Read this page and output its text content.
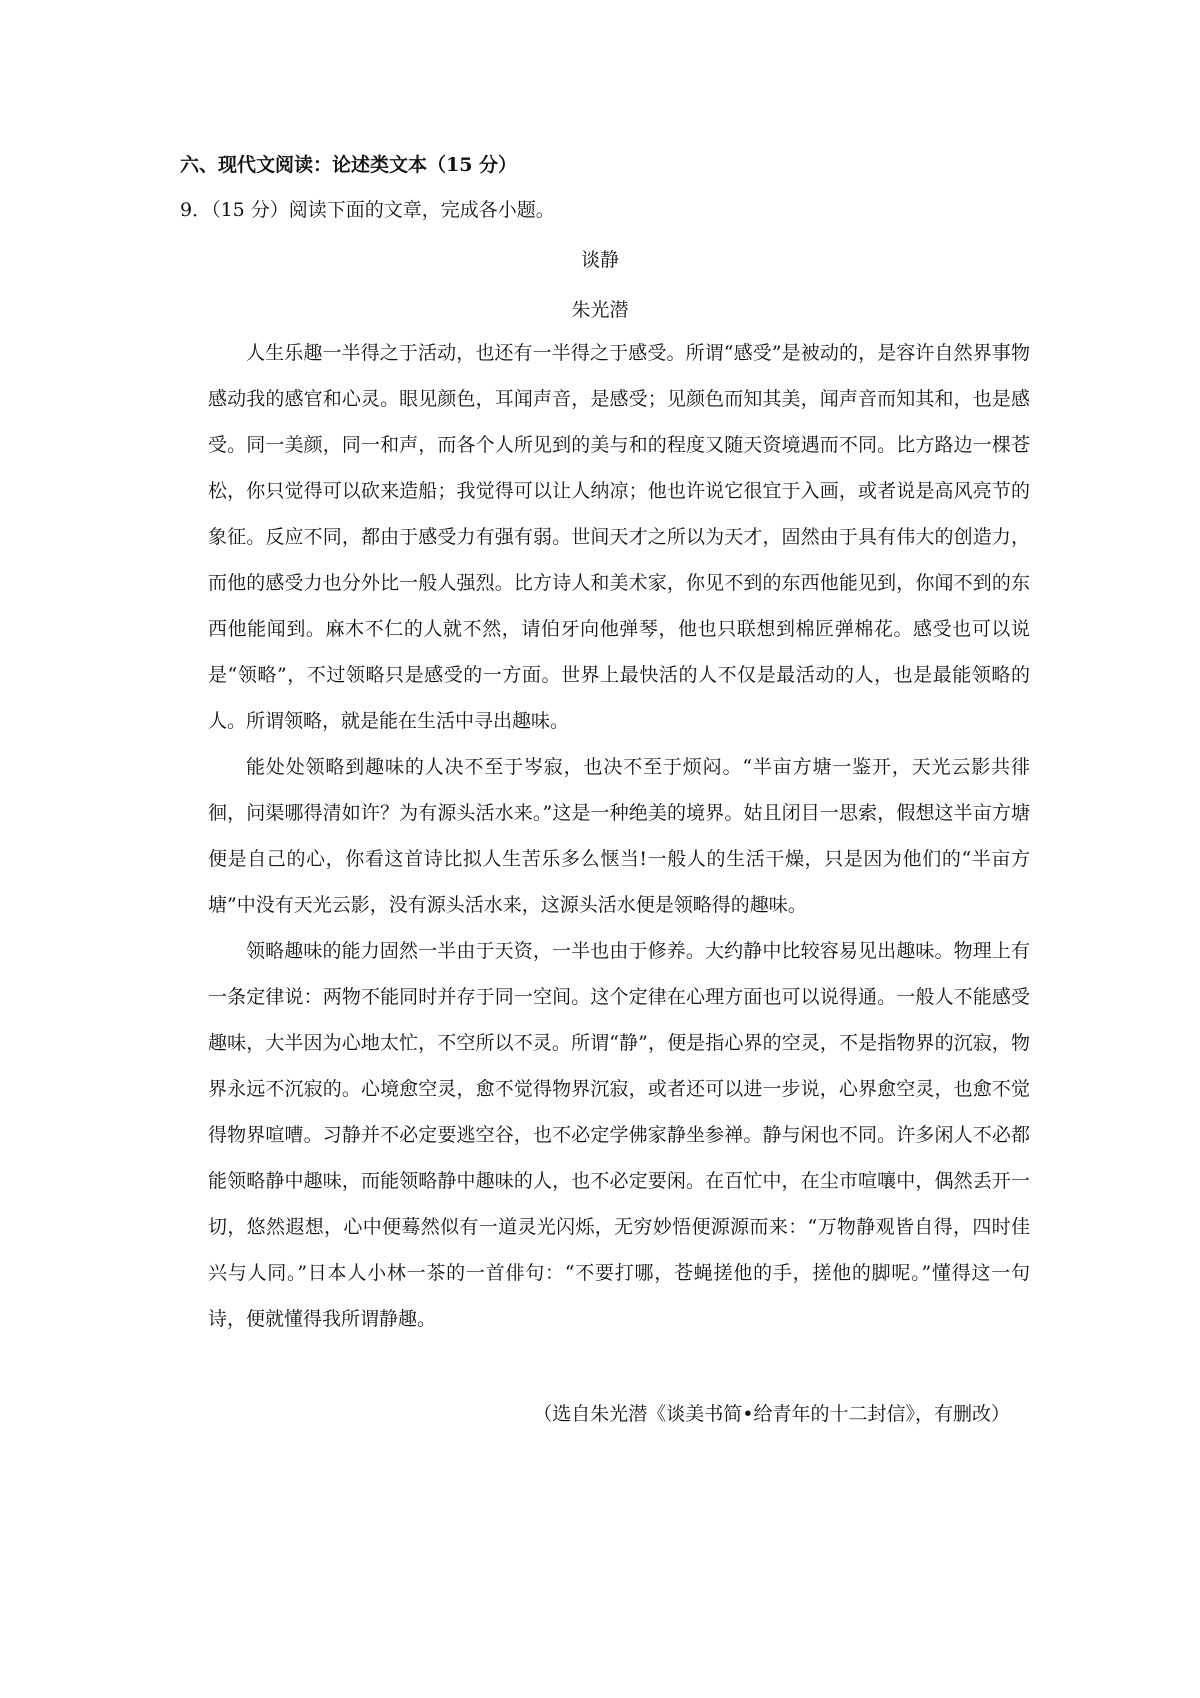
六、现代文阅读：论述类文本（15 分）
9．（15 分）阅读下面的文章，完成各小题。
谈静
朱光潜

人生乐趣一半得之于活动，也还有一半得之于感受。所谓“感受”是被动的，是容许自然界事物感动我的感官和心灵。眼见颜色，耳闻声音，是感受；见颜色而知其美，闻声音而知其和，也是感受。同一美颜，同一和声，而各个人所见到的美与和的程度又随天资境遇而不同。比方路边一棵苍松，你只觉得可以砍来造船；我觉得可以让人纳凉；他也许说它很宜于入画，或者说是高风亮节的象征。反应不同，都由于感受力有强有弱。世间天才之所以为天才，固然由于具有伟大的创造力，而他的感受力也分外比一般人强烈。比方诗人和美术家，你见不到的东西他能见到，你闻不到的东西他能闻到。麻木不仁的人就不然，请伯牙向他弹琴，他也只联想到棉匠弹棉花。感受也可以说是“领略”，不过领略只是感受的一方面。世界上最快活的人不仅是最活动的人，也是最能领略的人。所谓领略，就是能在生活中寻出趣味。

能处处领略到趣味的人决不至于岑寂，也决不至于烦闷。“半亩方塘一鉴开，天光云影共徘徊，问渠哪得清如许？为有源头活水来。”这是一种绝美的境界。姑且闭目一思索，假想这半亩方塘便是自己的心，你看这首诗比拟人生苦乐多么惬当!一般人的生活干燥，只是因为他们的“半亩方塘”中没有天光云影，没有源头活水来，这源头活水便是领略得的趣味。

领略趣味的能力固然一半由于天资，一半也由于修养。大约静中比较容易见出趣味。物理上有一条定律说：两物不能同时并存于同一空间。这个定律在心理方面也可以说得通。一般人不能感受趣味，大半因为心地太忙，不空所以不灵。所谓“静”，便是指心界的空灵，不是指物界的沉寂，物界永远不沉寂的。心境愈空灵，愈不觉得物界沉寂，或者还可以进一步说，心界愈空灵，也愈不觉得物界喧嘈。习静并不必定要逃空谷，也不必定学佛家静坐参禅。静与闲也不同。许多闲人不必都能领略静中趣味，而能领略静中趣味的人，也不必定要闲。在百忙中，在尘市喧嚷中，偶然丢开一切，悠然遐想，心中便蓦然似有一道灵光闪烁，无穷妙悟便源源而来：“万物静观皆自得，四时佳兴与人同。”日本人小林一茶的一首俳句：“不要打哪，苍蝇搓他的手，搓他的脚呢。”懂得这一句诗，便就懂得我所谓静趣。

（选自朱光潜《谈美书简•给青年的十二封信》，有删改）
